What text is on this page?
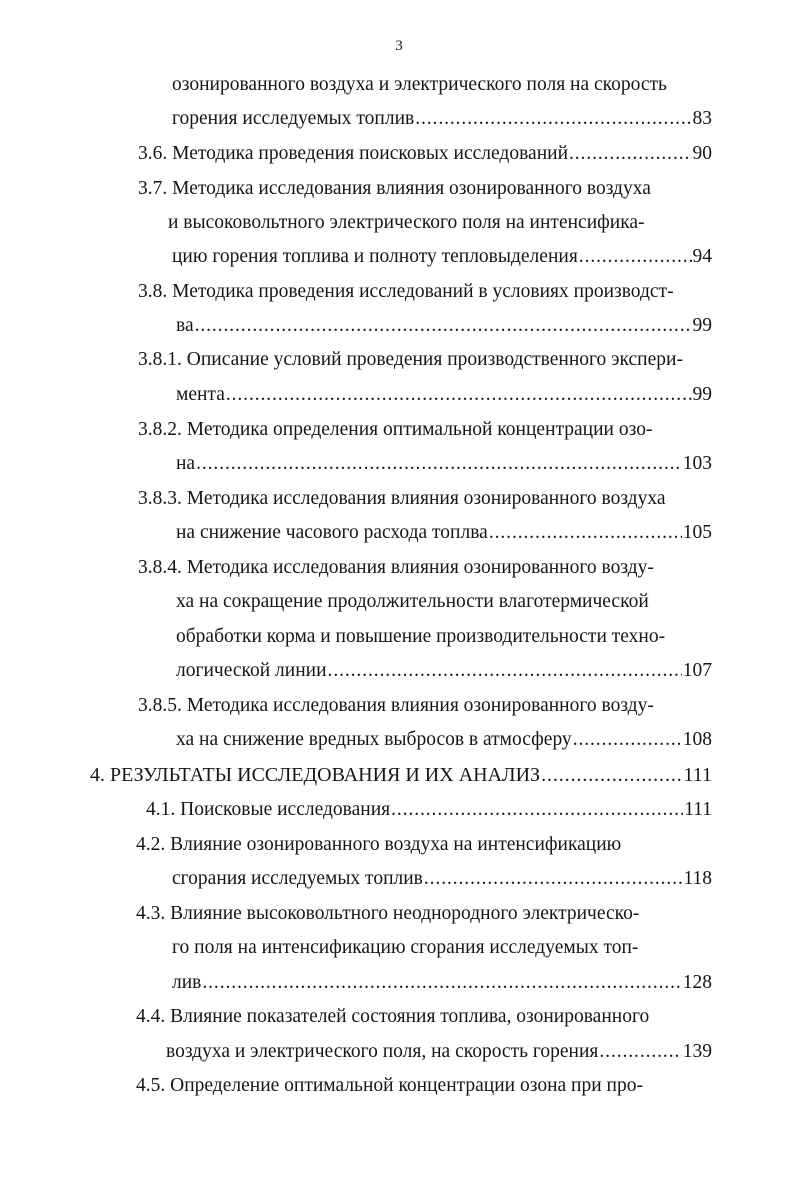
3
озонированного воздуха и электрического поля на скорость
горения исследуемых топлив .....	83
3.6. Методика проведения поисковых исследований .....	90
3.7. Методика исследования влияния озонированного воздуха
и высоковольтного электрического поля на интенсифика-
цию горения топлива и полноту тепловыделения .....	94
3.8. Методика проведения исследований в условиях производст-
ва .....	99
3.8.1. Описание условий проведения производственного экспери-
мента .....	99
3.8.2. Методика определения оптимальной концентрации озо-
на .....	103
3.8.3. Методика исследования влияния озонированного воздуха
на снижение часового расхода топлва .....	105
3.8.4. Методика исследования влияния озонированного возду-
ха на сокращение продолжительности влаготермической
обработки корма и повышение производительности техно-
логической линии .....	107
3.8.5. Методика исследования влияния озонированного возду-
ха на снижение вредных выбросов в атмосферу .....	108
4. РЕЗУЛЬТАТЫ ИССЛЕДОВАНИЯ И ИХ АНАЛИЗ .....	111
4.1. Поисковые исследования .....	111
4.2. Влияние озонированного воздуха на интенсификацию
сгорания исследуемых топлив .....	118
4.3. Влияние высоковольтного неоднородного электрическо-
го поля на интенсификацию сгорания исследуемых топ-
лив .....	128
4.4. Влияние показателей состояния топлива, озонированного
воздуха и электрического поля, на скорость горения .....	139
4.5. Определение оптимальной концентрации озона при про-
